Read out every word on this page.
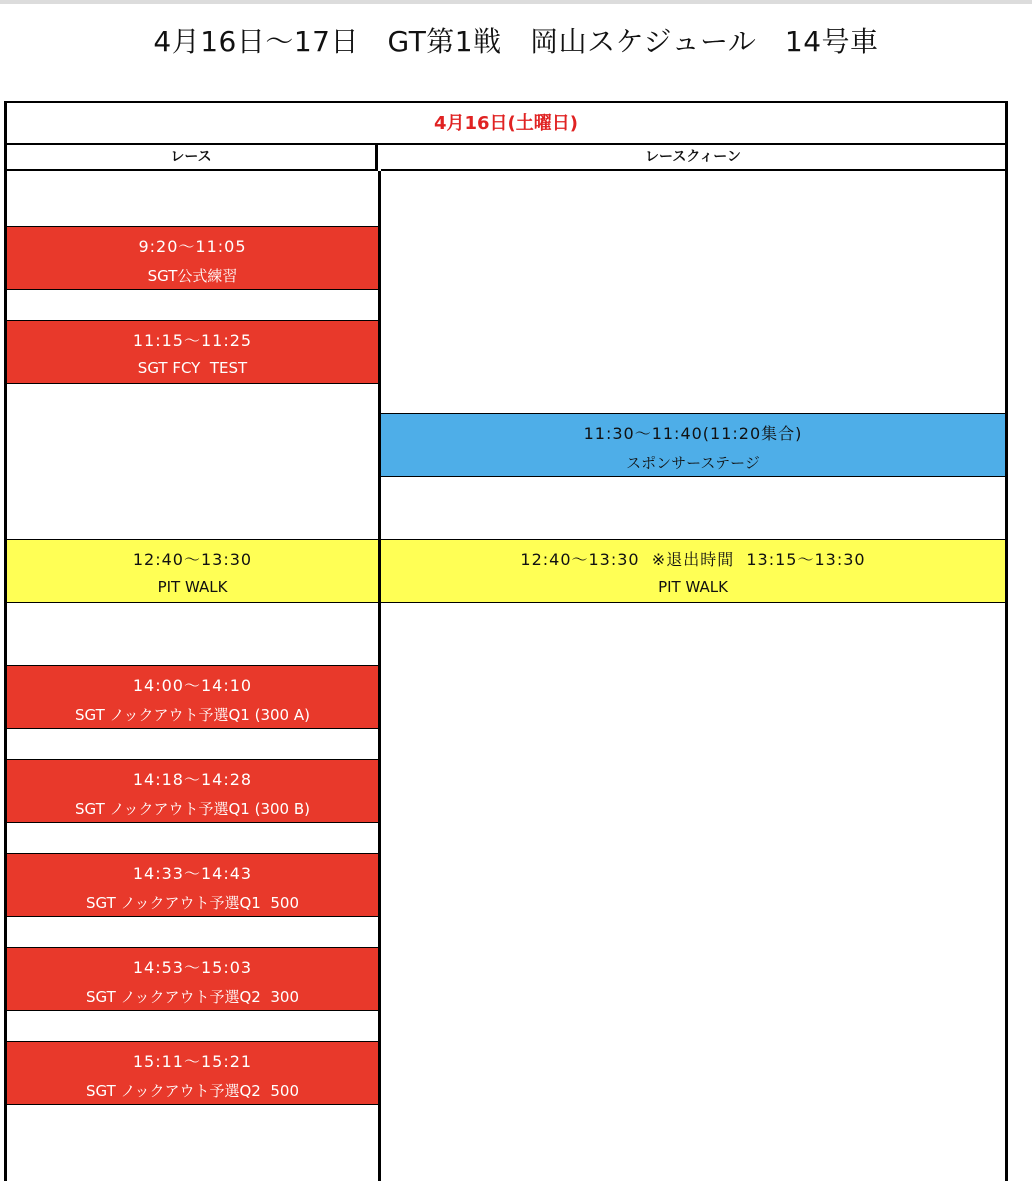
4月16日～17日　GT第1戦　岡山スケジュール　14号車
4月16日(土曜日)
レース	レースクィーン
9:20～11:05
SGT公式練習
11:15～11:25
SGT FCY  TEST
12:40～13:30
PIT WALK
14:00～14:10
SGT ノックアウト予選Q1 (300 A)
14:18～14:28
SGT ノックアウト予選Q1 (300 B)
14:33～14:43
SGT ノックアウト予選Q1  500
14:53～15:03
SGT ノックアウト予選Q2  300
15:11～15:21
SGT ノックアウト予選Q2  500
11:30～11:40(11:20集合)
スポンサーステージ
12:40～13:30  ※退出時間  13:15～13:30
PIT WALK
